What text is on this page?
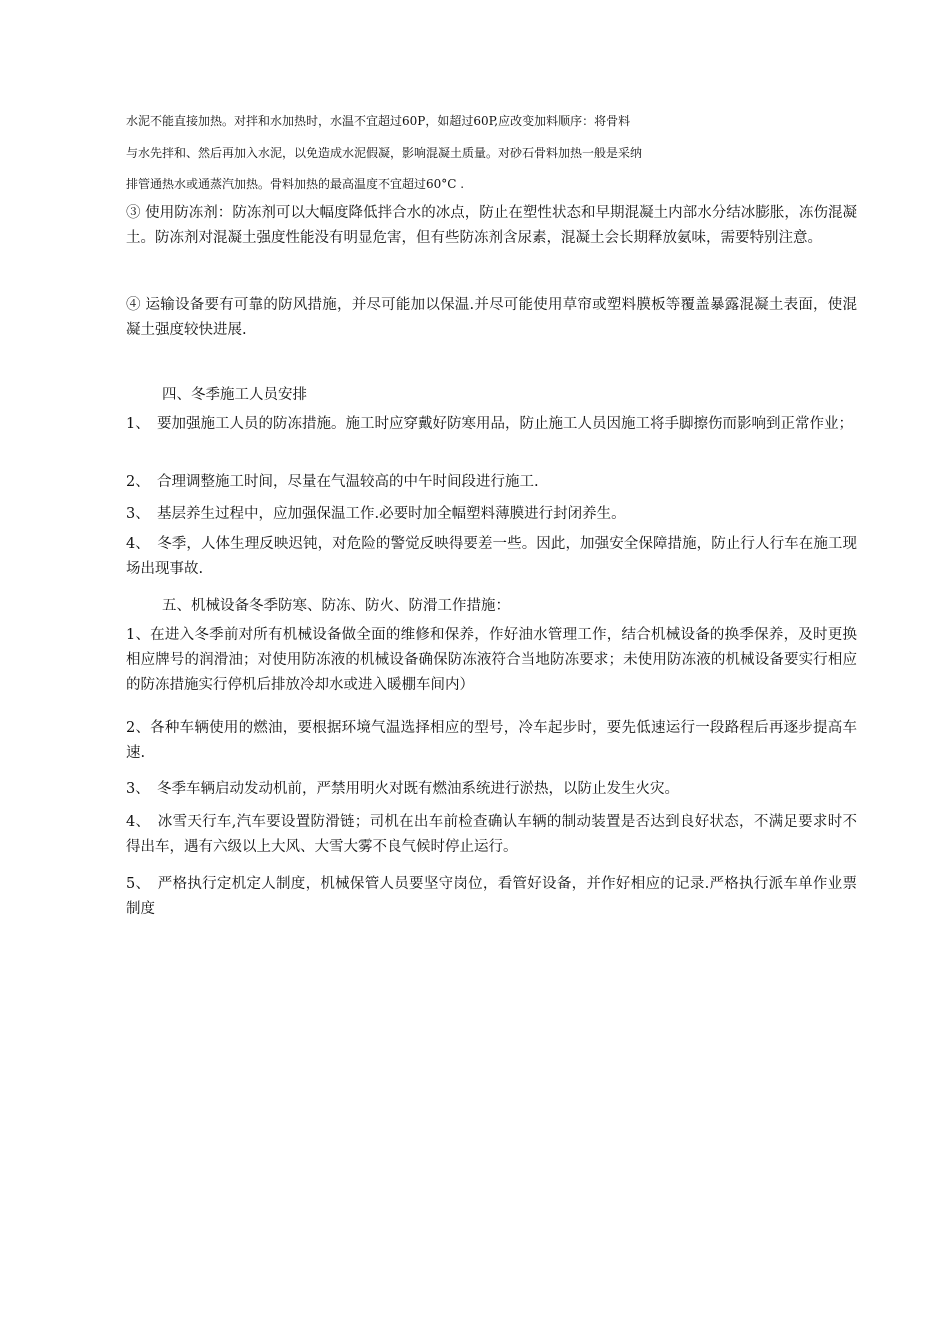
水泥不能直接加热。对拌和水加热时，水温不宜超过60P，如超过60P,应改变加料顺序：将骨料
与水先拌和、然后再加入水泥，以免造成水泥假凝，影响混凝土质量。对砂石骨料加热一般是采纳
排管通热水或通蒸汽加热。骨料加热的最高温度不宜超过60°C .
③ 使用防冻剂：防冻剂可以大幅度降低拌合水的冰点，防止在塑性状态和早期混凝土内部水分结冰膨胀，冻伤混凝土。防冻剂对混凝土强度性能没有明显危害，但有些防冻剂含尿素，混凝土会长期释放氨味，需要特别注意。
④ 运输设备要有可靠的防风措施，并尽可能加以保温.并尽可能使用草帘或塑料膜板等覆盖暴露混凝土表面，使混凝土强度较快进展.
四、冬季施工人员安排
1、　要加强施工人员的防冻措施。施工时应穿戴好防寒用品，防止施工人员因施工将手脚擦伤而影响到正常作业；
2、　合理调整施工时间，尽量在气温较高的中午时间段进行施工.
3、　基层养生过程中，应加强保温工作.必要时加全幅塑料薄膜进行封闭养生。
4、　冬季，人体生理反映迟钝，对危险的警觉反映得要差一些。因此，加强安全保障措施，防止行人行车在施工现场出现事故.
五、机械设备冬季防寒、防冻、防火、防滑工作措施：
1、在进入冬季前对所有机械设备做全面的维修和保养，作好油水管理工作，结合机械设备的换季保养，及时更换相应牌号的润滑油；对使用防冻液的机械设备确保防冻液符合当地防冻要求；未使用防冻液的机械设备要实行相应的防冻措施实行停机后排放冷却水或进入暖棚车间内）
2、各种车辆使用的燃油，要根据环境气温选择相应的型号，冷车起步时，要先低速运行一段路程后再逐步提高车速.
3、　冬季车辆启动发动机前，严禁用明火对既有燃油系统进行淤热，以防止发生火灾。
4、　冰雪天行车,汽车要设置防滑链；司机在出车前检查确认车辆的制动装置是否达到良好状态，不满足要求时不得出车，遇有六级以上大风、大雪大雾不良气候时停止运行。
5、　严格执行定机定人制度，机械保管人员要坚守岗位，看管好设备，并作好相应的记录.严格执行派车单作业票制度
